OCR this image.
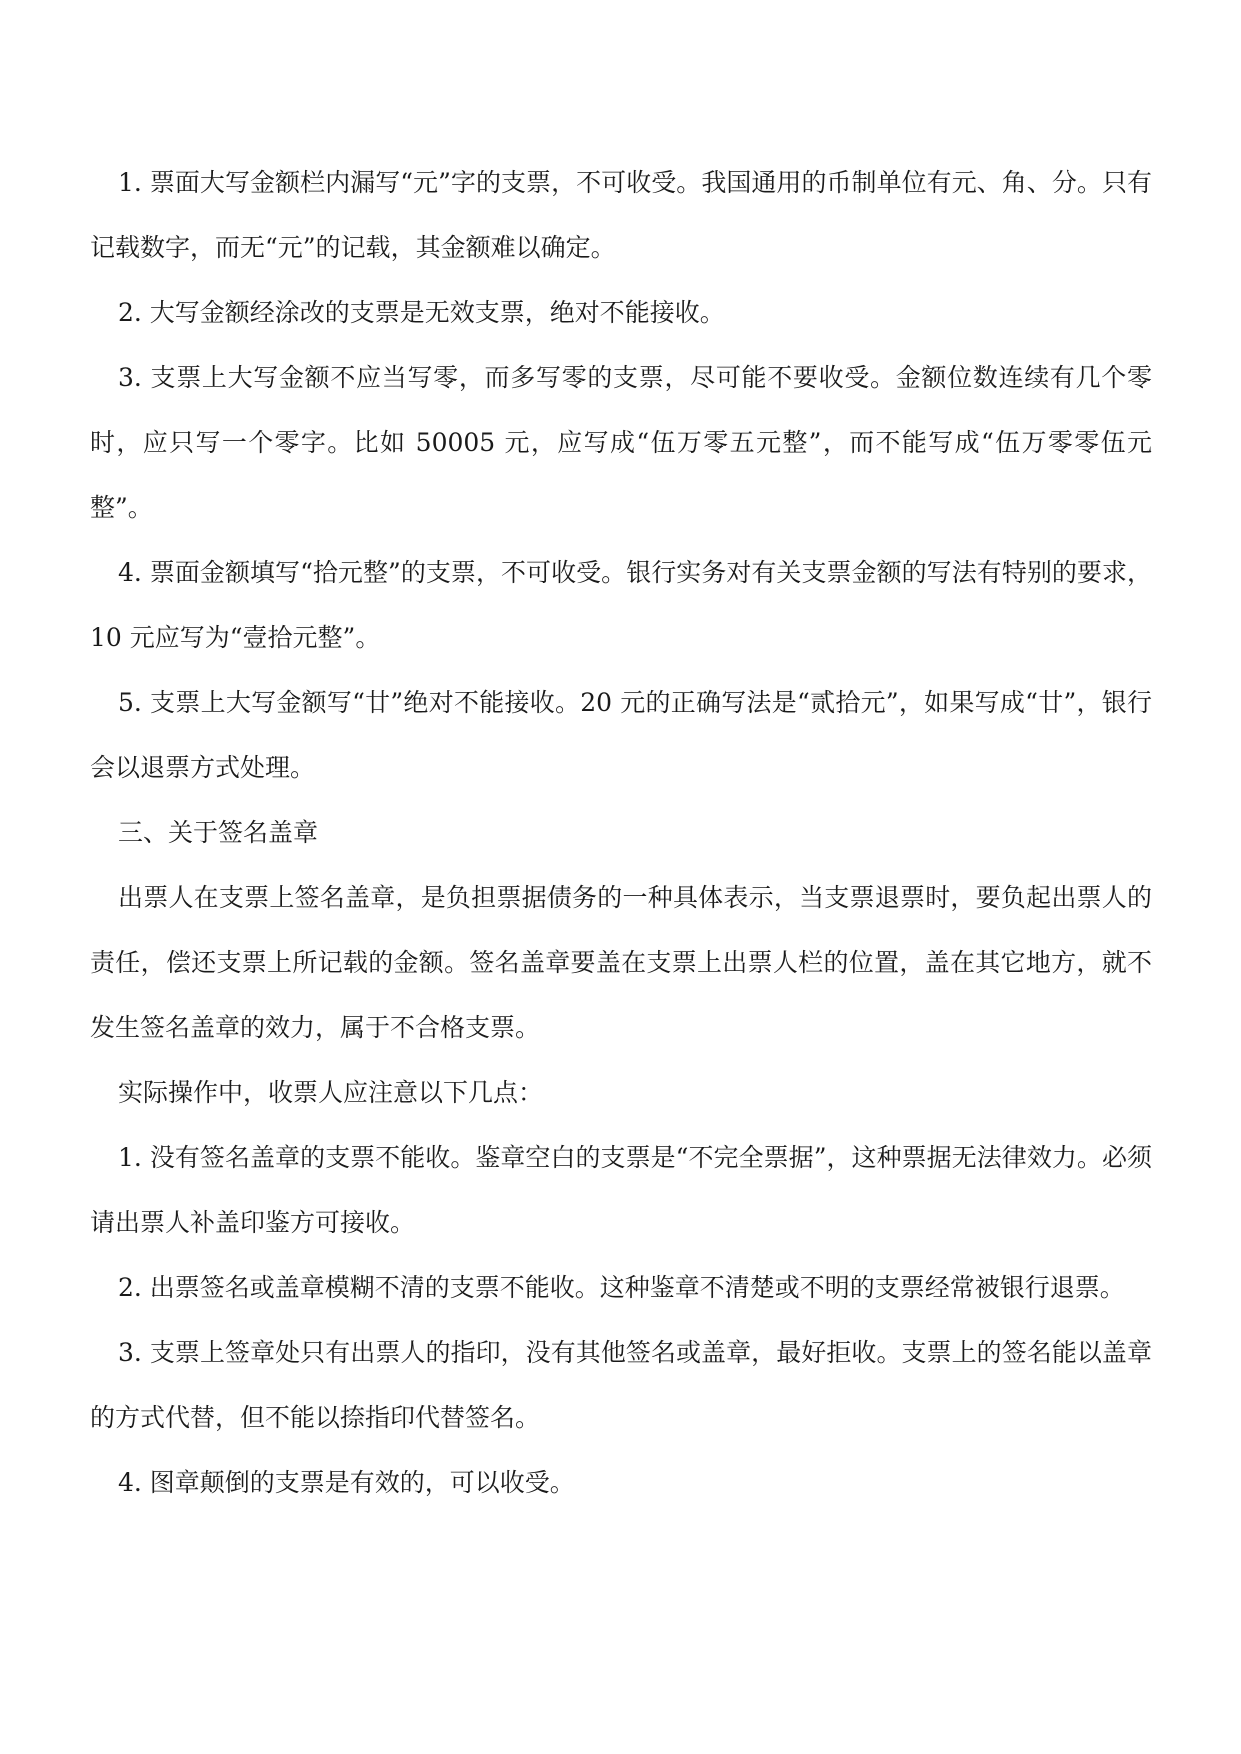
1. 票面大写金额栏内漏写“元”字的支票，不可收受。我国通用的币制单位有元、角、分。只有记载数字，而无“元”的记载，其金额难以确定。

2. 大写金额经涂改的支票是无效支票，绝对不能接收。

3. 支票上大写金额不应当写零，而多写零的支票，尽可能不要收受。金额位数连续有几个零时，应只写一个零字。比如 50005 元，应写成“伍万零五元整”，而不能写成“伍万零零伍元整”。

4. 票面金额填写“拾元整”的支票，不可收受。银行实务对有关支票金额的写法有特别的要求，10 元应写为“壹拾元整”。

5. 支票上大写金额写“廿”绝对不能接收。20 元的正确写法是“贰拾元”，如果写成“廿”，银行会以退票方式处理。

三、关于签名盖章

出票人在支票上签名盖章，是负担票据债务的一种具体表示，当支票退票时，要负起出票人的责任，偿还支票上所记载的金额。签名盖章要盖在支票上出票人栏的位置，盖在其它地方，就不发生签名盖章的效力，属于不合格支票。

实际操作中，收票人应注意以下几点：

1. 没有签名盖章的支票不能收。鉴章空白的支票是“不完全票据”，这种票据无法律效力。必须请出票人补盖印鉴方可接收。

2. 出票签名或盖章模糊不清的支票不能收。这种鉴章不清楚或不明的支票经常被银行退票。

3. 支票上签章处只有出票人的指印，没有其他签名或盖章，最好拒收。支票上的签名能以盖章的方式代替，但不能以捺指印代替签名。

4. 图章颠倒的支票是有效的，可以收受。
